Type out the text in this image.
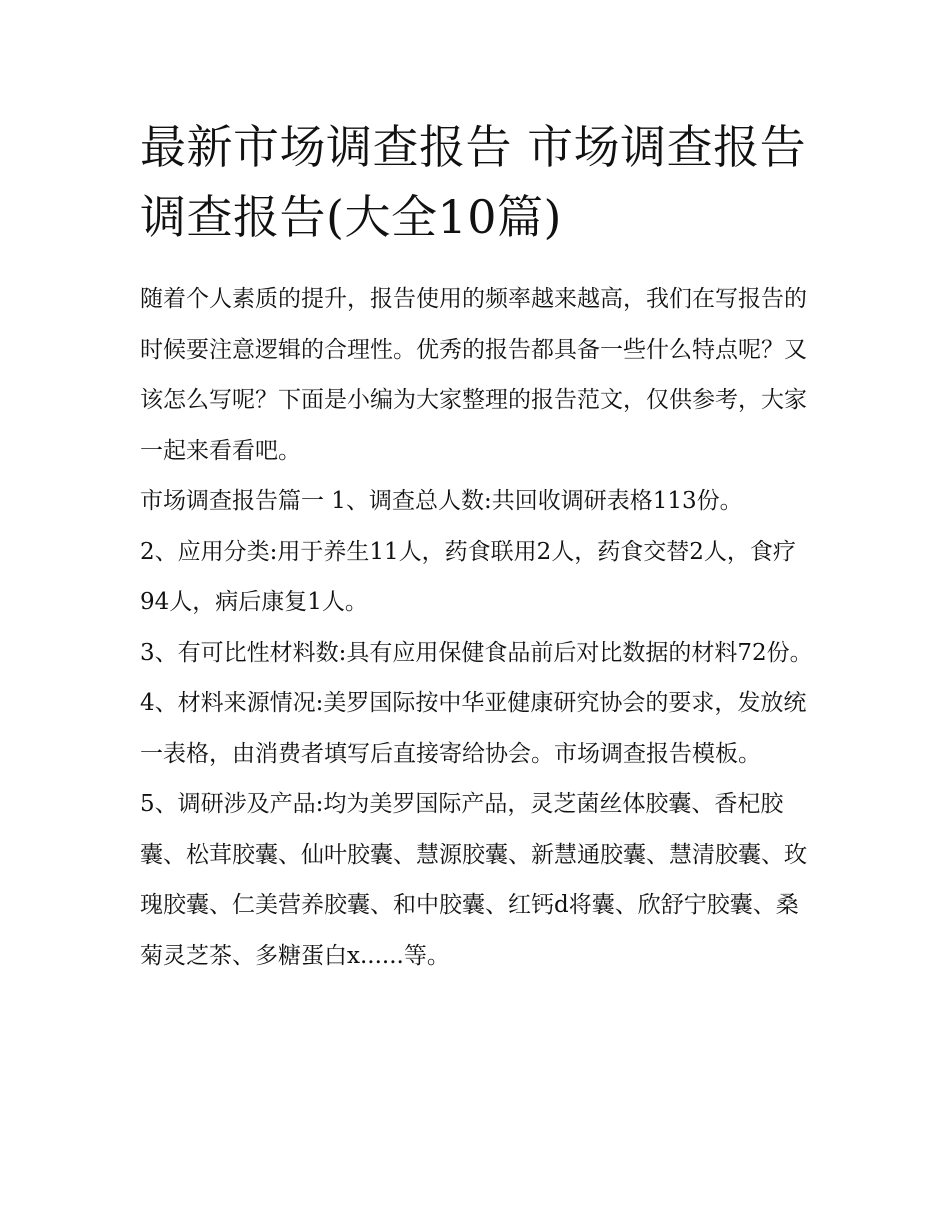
最新市场调查报告 市场调查报告调查报告(大全10篇)

随着个人素质的提升，报告使用的频率越来越高，我们在写报告的时候要注意逻辑的合理性。优秀的报告都具备一些什么特点呢？又该怎么写呢？下面是小编为大家整理的报告范文，仅供参考，大家一起来看看吧。

市场调查报告篇一 1、调查总人数:共回收调研表格113份。

2、应用分类:用于养生11人，药食联用2人，药食交替2人，食疗94人，病后康复1人。

3、有可比性材料数:具有应用保健食品前后对比数据的材料72份。

4、材料来源情况:美罗国际按中华亚健康研究协会的要求，发放统一表格，由消费者填写后直接寄给协会。市场调查报告模板。

5、调研涉及产品:均为美罗国际产品，灵芝菌丝体胶囊、香杞胶囊、松茸胶囊、仙叶胶囊、慧源胶囊、新慧通胶囊、慧清胶囊、玫瑰胶囊、仁美营养胶囊、和中胶囊、红钙d将囊、欣舒宁胶囊、桑菊灵芝茶、多糖蛋白x......等。
